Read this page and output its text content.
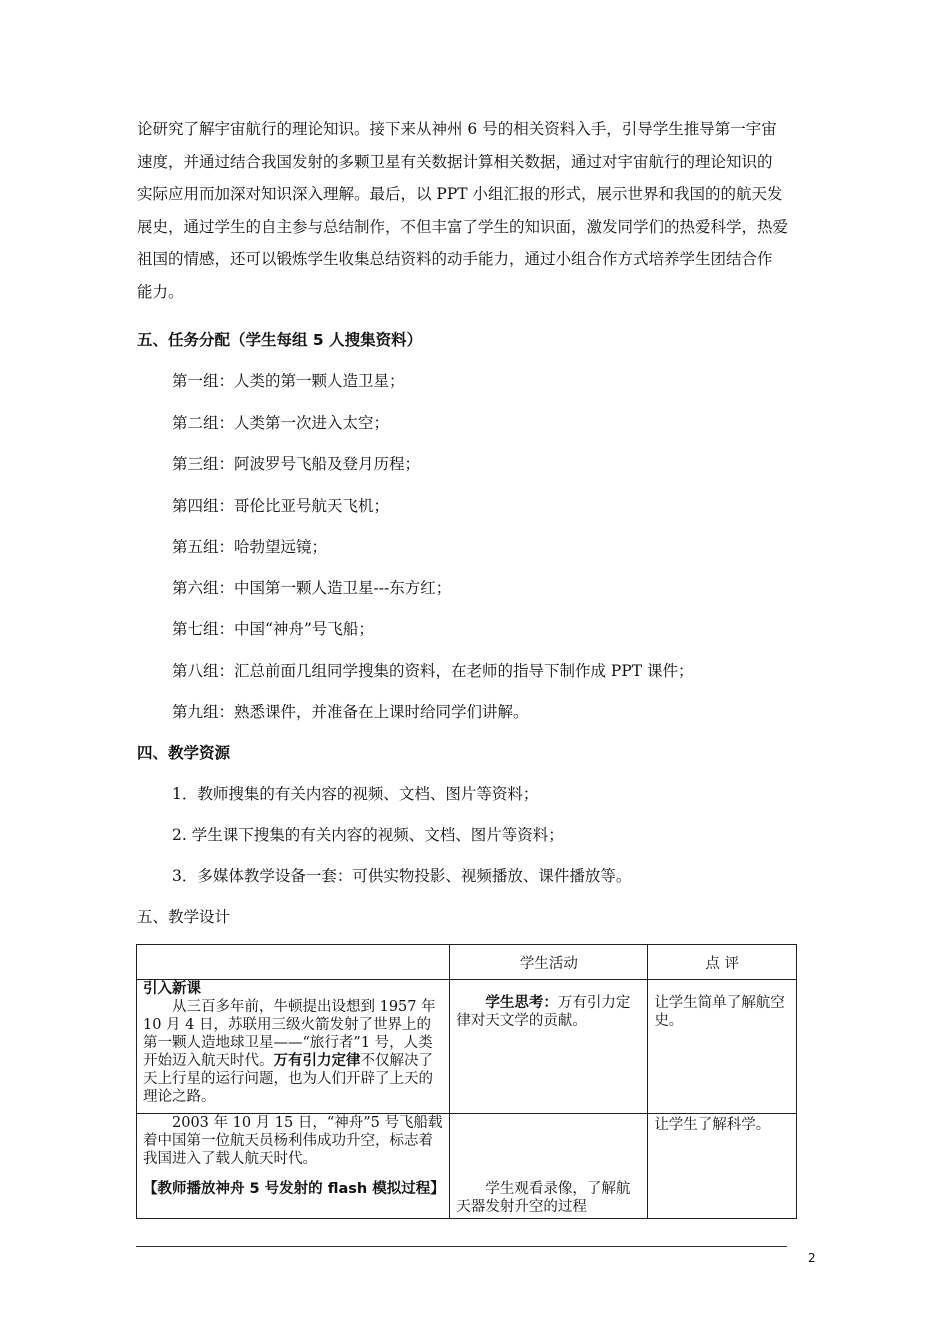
论研究了解宇宙航行的理论知识。接下来从神州 6 号的相关资料入手，引导学生推导第一宇宙
速度，并通过结合我国发射的多颗卫星有关数据计算相关数据，通过对宇宙航行的理论知识的
实际应用而加深对知识深入理解。最后，以 PPT 小组汇报的形式，展示世界和我国的的航天发
展史，通过学生的自主参与总结制作，不但丰富了学生的知识面，激发同学们的热爱科学，热爱
祖国的情感，还可以锻炼学生收集总结资料的动手能力，通过小组合作方式培养学生团结合作
能力。
五、任务分配（学生每组 5 人搜集资料）
第一组：人类的第一颗人造卫星；
第二组：人类第一次进入太空；
第三组：阿波罗号飞船及登月历程；
第四组：哥伦比亚号航天飞机；
第五组：哈勃望远镜；
第六组：中国第一颗人造卫星---东方红；
第七组：中国“神舟”号飞船；
第八组：汇总前面几组同学搜集的资料，在老师的指导下制作成 PPT 课件；
第九组：熟悉课件，并准备在上课时给同学们讲解。
四、教学资源
1．教师搜集的有关内容的视频、文档、图片等资料；
2. 学生课下搜集的有关内容的视频、文档、图片等资料；
3．多媒体教学设备一套：可供实物投影、视频播放、课件播放等。
五、教学设计
	学生活动	点 评

引入新课
从三百多年前，牛顿提出设想到 1957 年 10 月 4 日，苏联用三级火箭发射了世界上的第一颗人造地球卫星——“旅行者”1 号，人类开始迈入航天时代。万有引力定律不仅解决了天上行星的运行问题，也为人们开辟了上天的理论之路。	学生思考：万有引力定律对天文学的贡献。	让学生简单了解航空史。

2003 年 10 月 15 日，“神舟”5 号飞船载着中国第一位航天员杨利伟成功升空，标志着我国进入了载人航天时代。
【教师播放神舟 5 号发射的 flash 模拟过程】	学生观看录像，了解航天器发射升空的过程	让学生了解科学。
2
